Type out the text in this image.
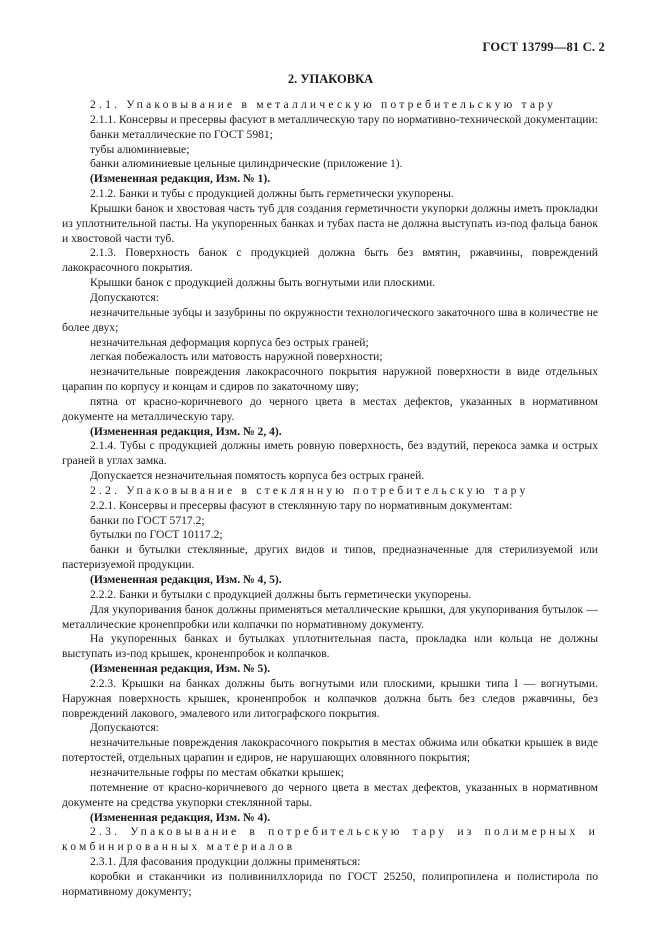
ГОСТ 13799—81 С. 2
2. УПАКОВКА

2.1. Упаковывание в металлическую потребительскую тару

2.1.1. Консервы и пресервы фасуют в металлическую тару по нормативно-технической документации:

банки металлические по ГОСТ 5981;

тубы алюминиевые;

банки алюминиевые цельные цилиндрические (приложение 1).

(Измененная редакция, Изм. № 1).

2.1.2. Банки и тубы с продукцией должны быть герметически укупорены.

Крышки банок и хвостовая часть туб для создания герметичности укупорки должны иметь прокладки из уплотнительной пасты. На укупоренных банках и тубах паста не должна выступать из-под фальца банок и хвостовой части туб.

2.1.3. Поверхность банок с продукцией должна быть без вмятин, ржавчины, повреждений лакокрасочного покрытия.

Крышки банок с продукцией должны быть вогнутыми или плоскими.

Допускаются:

незначительные зубцы и зазубрины по окружности технологического закаточного шва в количестве не более двух;

незначительная деформация корпуса без острых граней;

легкая побежалость или матовость наружной поверхности;

незначительные повреждения лакокрасочного покрытия наружной поверхности в виде отдельных царапин по корпусу и концам и сдиров по закаточному шву;

пятна от красно-коричневого до черного цвета в местах дефектов, указанных в нормативном документе на металлическую тару.

(Измененная редакция, Изм. № 2, 4).

2.1.4. Тубы с продукцией должны иметь ровную поверхность, без вздутий, перекоса замка и острых граней в углах замка.

Допускается незначительная помятость корпуса без острых граней.

2.2. Упаковывание в стеклянную потребительскую тару

2.2.1. Консервы и пресервы фасуют в стеклянную тару по нормативным документам:

банки по ГОСТ 5717.2;

бутылки по ГОСТ 10117.2;

банки и бутылки стеклянные, других видов и типов, предназначенные для стерилизуемой или пастеризуемой продукции.

(Измененная редакция, Изм. № 4, 5).

2.2.2. Банки и бутылки с продукцией должны быть герметически укупорены.

Для укупоривания банок должны применяться металлические крышки, для укупоривания бутылок — металлические кронenпробки или колпачки по нормативному документу.

На укупоренных банках и бутылках уплотнительная паста, прокладка или кольца не должны выступать из-под крышек, кроненпробок и колпачков.

(Измененная редакция, Изм. № 5).

2.2.3. Крышки на банках должны быть вогнутыми или плоскими, крышки типа I — вогнутыми. Наружная поверхность крышек, кроненпробок и колпачков должна быть без следов ржавчины, без повреждений лакового, эмалевого или литографского покрытия.

Допускаются:

незначительные повреждения лакокрасочного покрытия в местах обжима или обкатки крышек в виде потертостей, отдельных царапин и едиров, не нарушающих оловянного покрытия;

незначительные гофры по местам обкатки крышек;

потемнение от красно-коричневого до черного цвета в местах дефектов, указанных в нормативном документе на средства укупорки стеклянной тары.

(Измененная редакция, Изм. № 4).

2.3. Упаковывание в потребительскую тару из полимерных и комбинированных материалов

2.3.1. Для фасования продукции должны применяться:

коробки и стаканчики из поливинилхлорида по ГОСТ 25250, полипропилена и полистирола по нормативному документу;
